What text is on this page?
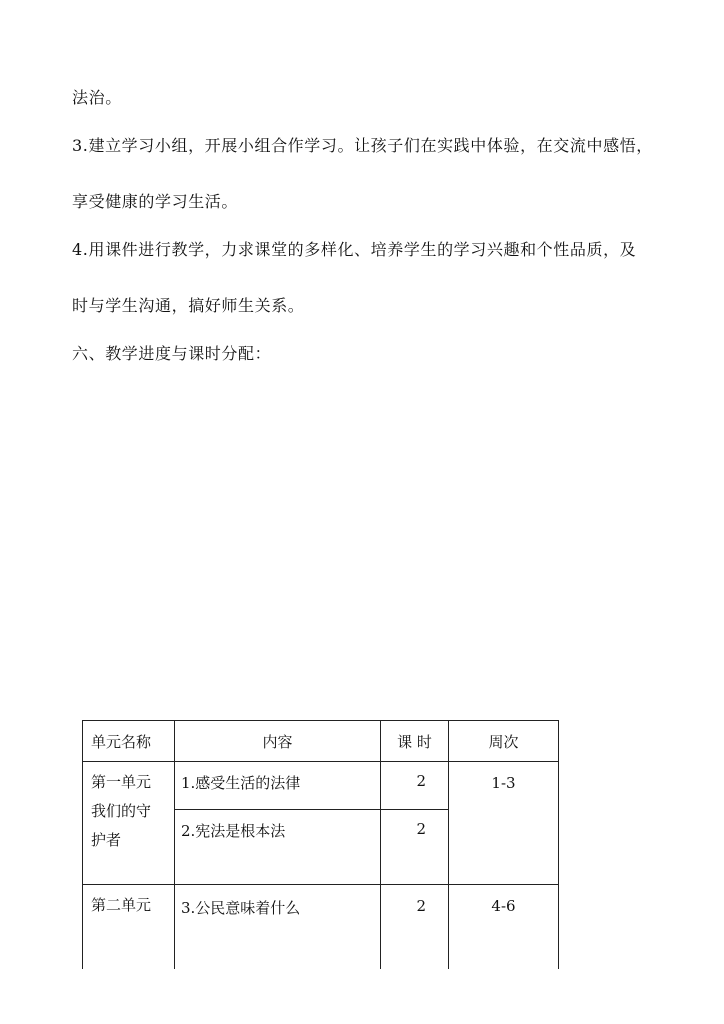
法治。
3.建立学习小组，开展小组合作学习。让孩子们在实践中体验，在交流中感悟，
享受健康的学习生活。
4.用课件进行教学，力求课堂的多样化、培养学生的学习兴趣和个性品质，及
时与学生沟通，搞好师生关系。
六、教学进度与课时分配：
单元名称	内容	课 时	周次

第一单元
我们的守
护者	1.感受生活的法律	2	1-3
	2.宪法是根本法	2	
第二单元	3.公民意味着什么	2	4-6
